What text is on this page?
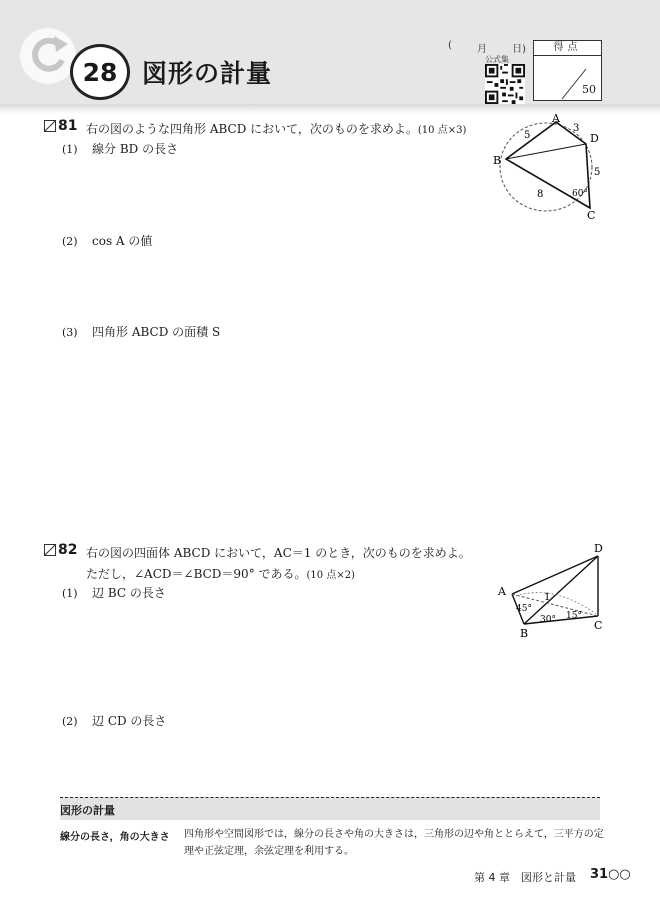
28 図形の計量
(	月	日)
公式集
得点
50
81 右の図のような四角形 ABCD において，次のものを求めよ。(10 点×3)
(1) 線分 BD の長さ
(2) cos A の値
(3) 四角形 ABCD の面積 S
A
B
C
D
5
3
5
8	60°
82 右の図の四面体 ABCD において，AC＝1 のとき，次のものを求めよ。
ただし，∠ACD＝∠BCD＝90° である。(10 点×2)
(1) 辺 BC の長さ
(2) 辺 CD の長さ
A
B
C
D
1
45°
30° 15°
図形の計量
線分の長さ，角の大きさ 四角形や空間図形では，線分の長さや角の大きさは，三角形の辺や角ととらえて，三平方の定理や正弦定理，余弦定理を利用する。
第 4 章　図形と計量 31○○
